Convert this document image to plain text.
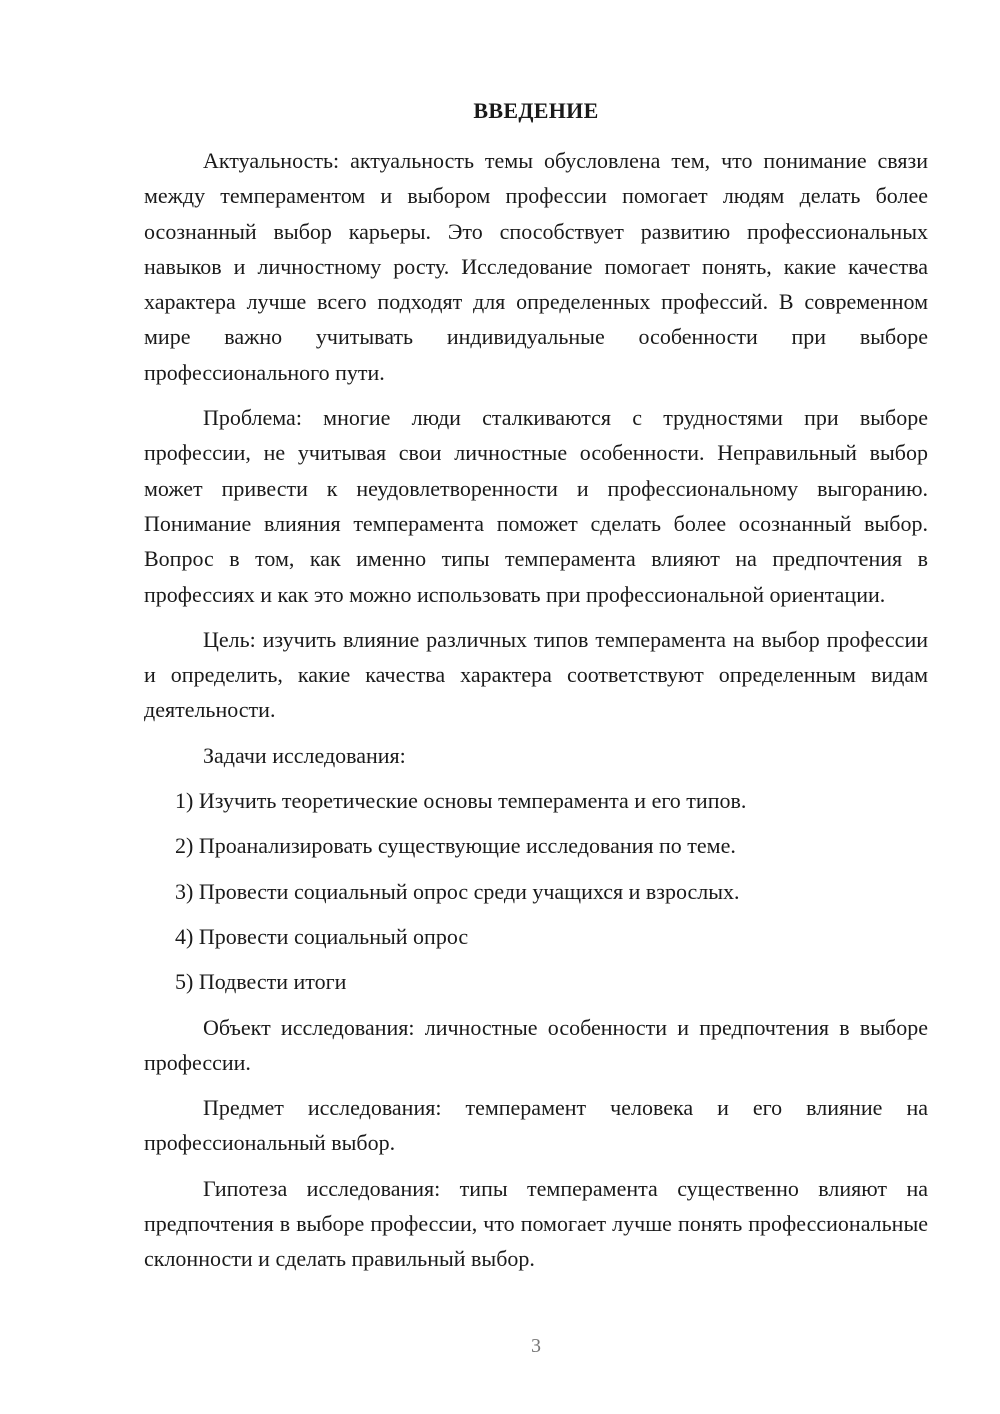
ВВЕДЕНИЕ

Актуальность: актуальность темы обусловлена тем, что понимание связи между темпераментом и выбором профессии помогает людям делать более осознанный выбор карьеры. Это способствует развитию профессиональных навыков и личностному росту. Исследование помогает понять, какие качества характера лучше всего подходят для определенных профессий. В современном мире важно учитывать индивидуальные особенности при выборе профессионального пути.

Проблема: многие люди сталкиваются с трудностями при выборе профессии, не учитывая свои личностные особенности. Неправильный выбор может привести к неудовлетворенности и профессиональному выгоранию. Понимание влияния темперамента поможет сделать более осознанный выбор. Вопрос в том, как именно типы темперамента влияют на предпочтения в профессиях и как это можно использовать при профессиональной ориентации.

Цель: изучить влияние различных типов темперамента на выбор профессии и определить, какие качества характера соответствуют определенным видам деятельности.

Задачи исследования:

1) Изучить теоретические основы темперамента и его типов.

2) Проанализировать существующие исследования по теме.

3) Провести социальный опрос среди учащихся и взрослых.

4) Провести социальный опрос

5) Подвести итоги

Объект исследования: личностные особенности и предпочтения в выборе профессии.

Предмет исследования: темперамент человека и его влияние на профессиональный выбор.

Гипотеза исследования: типы темперамента существенно влияют на предпочтения в выборе профессии, что помогает лучше понять профессиональные склонности и сделать правильный выбор.

3
